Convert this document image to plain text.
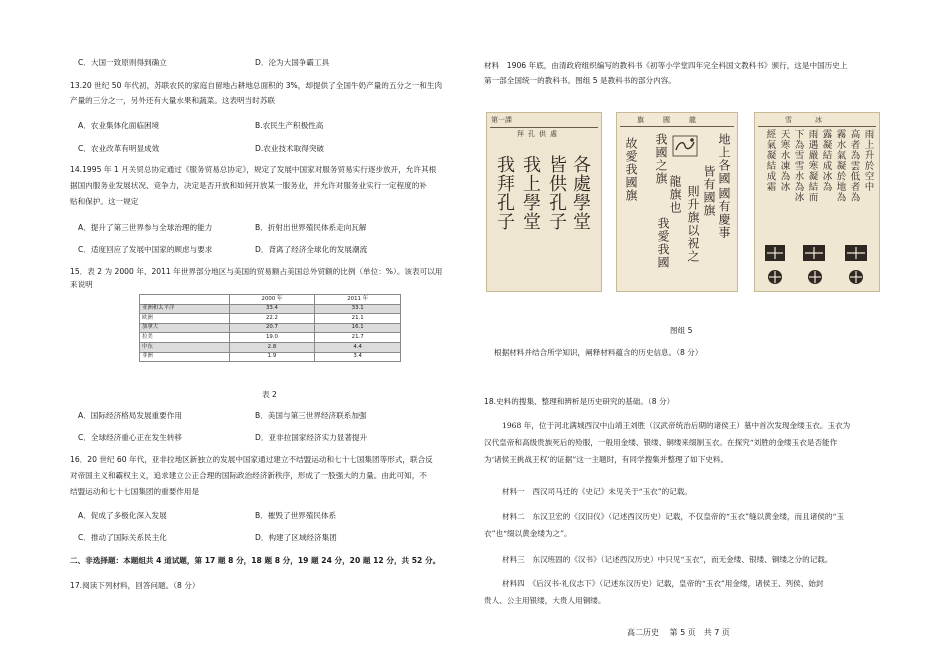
C．大国一致原则得到确立	D．沦为大国争霸工具
13.20 世纪 50 年代初，苏联农民的家庭自留地占耕地总面积的 3%，却提供了全国牛奶产量的五分之一和生肉
产量的三分之一，另外还有大量水果和蔬菜。这表明当时苏联
A．农业集体化面临困境	B.农民生产积极性高
C．农业改革有明显成效	D.农业技术取得突破
14.1995 年 1 月关贸总协定通过《服务贸易总协定》，规定了发展中国家对服务贸易实行逐步放开，允许其根
据国内服务业发展状况、竞争力，决定是否开放和如何开放某一服务业，并允许对服务业实行一定程度的补
贴和保护。这一规定
A．提升了第三世界参与全球治理的能力	B．折射出世界殖民体系走向瓦解
C．适度回应了发展中国家的顾虑与要求	D．背离了经济全球化的发展潮流
15．表 2 为 2000 年、2011 年世界部分地区与美国的贸易额占美国总外贸额的比例（单位：%）。该表可以用
来说明
	2000 年	2011 年
亚洲和太平洋	33.4	33.1
欧洲	22.2	21.1
加拿大	20.7	16.1
拉美	19.0	21.7
中东	2.8	4.4
非洲	1.9	3.4
表 2
A．国际经济格局发展重要作用	B．美国与第三世界经济联系加强
C．全球经济重心正在发生转移	D．亚非拉国家经济实力显著提升
16．20 世纪 60 年代，亚非拉地区新独立的发展中国家通过建立不结盟运动和七十七国集团等形式，联合反
对帝国主义和霸权主义，追求建立公正合理的国际政治经济新秩序，形成了一股强大的力量。由此可知，不
结盟运动和七十七国集团的重要作用是
A．促成了多极化深入发展	B．摧毁了世界殖民体系
C．推动了国际关系民主化	D．构建了区域经济集团
二、非选择题：本题组共 4 道试题，第 17 题 8 分，18 题 8 分，19 题 24 分，20 题 12 分，共 52 分。
17.阅读下列材料，回答问题。（8 分）
材料　1906 年底，由清政府组织编写的教科书《初等小学堂四年完全科国文教科书》颁行，这是中国历史上
第一部全国统一的教科书。图组 5 是教科书的部分内容。
第一課
拜孔供處
各處學堂
皆供孔子
我上學堂
我拜孔子
旗　國　龍
地上各國
皆有國旗 國有慶事
則升旗以祝之
我國之旗
龍旗也
我愛我國
故愛我國旗
雪　冰
雨上升於空中
高者為雲低者為
霧水氣凝於地為
露凝結成冰為
雨遇嚴寒凝結而
下為雪雪水為冰
天寒水凍為冰
經氣凝結成霜
图组 5
根据材料并结合所学知识，阐释材料蕴含的历史信息。（8 分）
18.史料的搜集、整理和辨析是历史研究的基础。（8 分）
1968 年，位于河北满城西汉中山靖王刘胜（汉武帝统治后期的诸侯王）墓中首次发现金缕玉衣。玉衣为
汉代皇帝和高级贵族死后的殓服，一般用金缕、银缕、铜缕来缀制玉衣。在探究“刘胜的金缕玉衣是否能作
为‘诸侯王挑战王权’的证据”这一主题时，有同学搜集并整理了如下史料。
材料一　西汉司马迁的《史记》未见关于“玉衣”的记载。
材料二　东汉卫宏的《汉旧仪》（记述西汉历史）记载，不仅皇帝的“玉衣”缝以黄金缕，而且诸侯的“玉
衣”也“缀以黄金缕为之”。
材料三　东汉班固的《汉书》（记述西汉历史）中只见“玉衣”，而无金缕、银缕、铜缕之分的记载。
材料四　《后汉书·礼仪志下》（记述东汉历史）记载，皇帝的“玉衣”用金缕，诸侯王、列侯、始封
贵人、公主用银缕，大贵人用铜缕。
高二历史　 第 5 页　共 7 页
